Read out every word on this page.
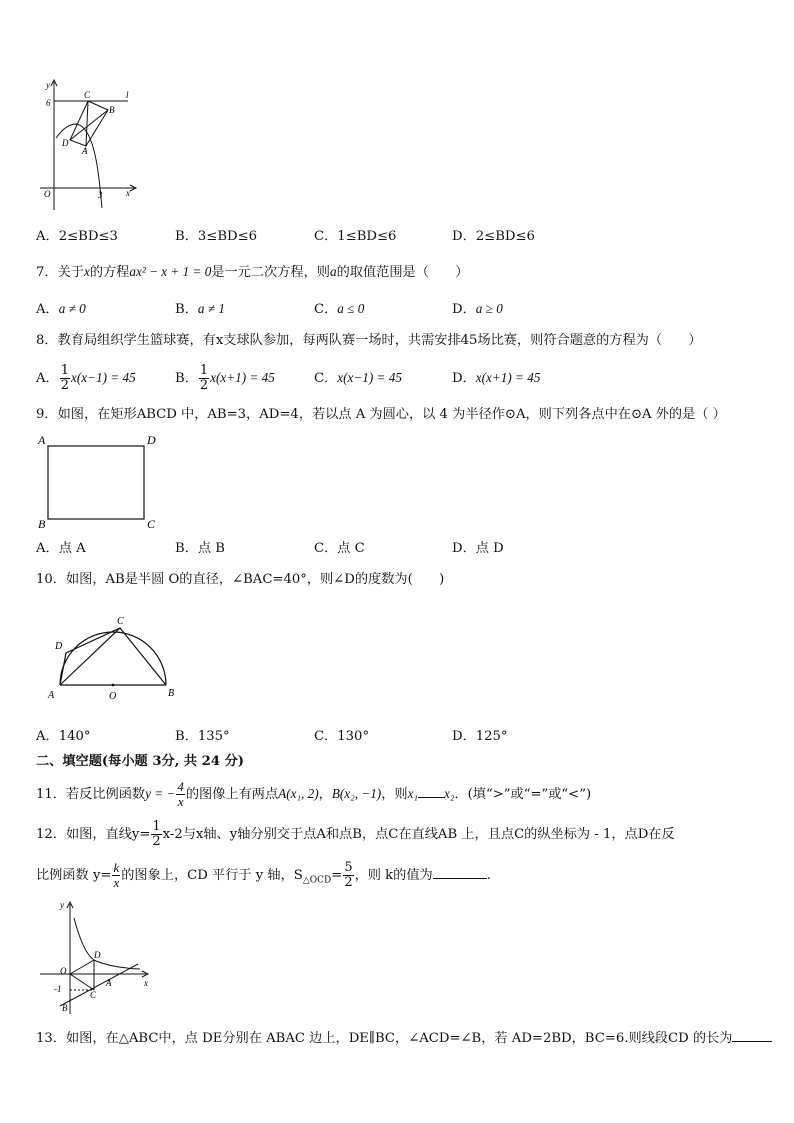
y
6
C	l
B
D
A
O	3	x
A．2≤BD≤3	B．3≤BD≤6	C．1≤BD≤6	D．2≤BD≤6
7．关于x的方程ax² − x + 1 = 0是一元二次方程，则a的取值范围是（　　）
A．a ≠ 0	B．a ≠ 1	C．a ≤ 0	D．a ≥ 0
8．教育局组织学生篮球赛，有x支球队参加，每两队赛一场时，共需安排45场比赛，则符合题意的方程为（　　）
A． $\frac{1}{2} x(x-1) = 45$	B． $\frac{1}{2} x(x+1) = 45$	C．x(x−1) = 45	D．x(x+1) = 45
9．如图，在矩形ABCD 中，AB=3，AD=4，若以点 A 为圆心，以 4 为半径作⊙A，则下列各点中在⊙A 外的是（ ）
A	D
B	C
A．点 A	B．点 B	C．点 C	D．点 D
10．如图，AB是半圆 O的直径，∠BAC=40°，则∠D的度数为(　　)
C
D
A	O	B
A．140°	B．135°	C．130°	D．125°
二、填空题(每小题 3分, 共 24 分)
11．若反比例函数y = − $\frac{4}{x}$ 的图像上有两点A(x₁, 2)，B(x₂, −1)，则x₁ x₂．(填“>”或“=”或“<”)
12．如图，直线$y= \frac{1}{2} x-2$与x轴、y轴分别交于点A和点B，点C在直线AB 上，且点C的纵坐标为 - 1，点D在反
比例函数 $y= \frac{k}{x}$ 的图象上，CD 平行于 y 轴，$S_{\triangle OCD}= \frac{5}{2}$ ，则 k的值为	.
y
D
O
-1
C
A	x
B
13．如图，在△ABC中，点 DE分别在 ABAC 边上，DE∥BC，∠ACD=∠B，若 AD=2BD，BC=6.则线段CD 的长为
